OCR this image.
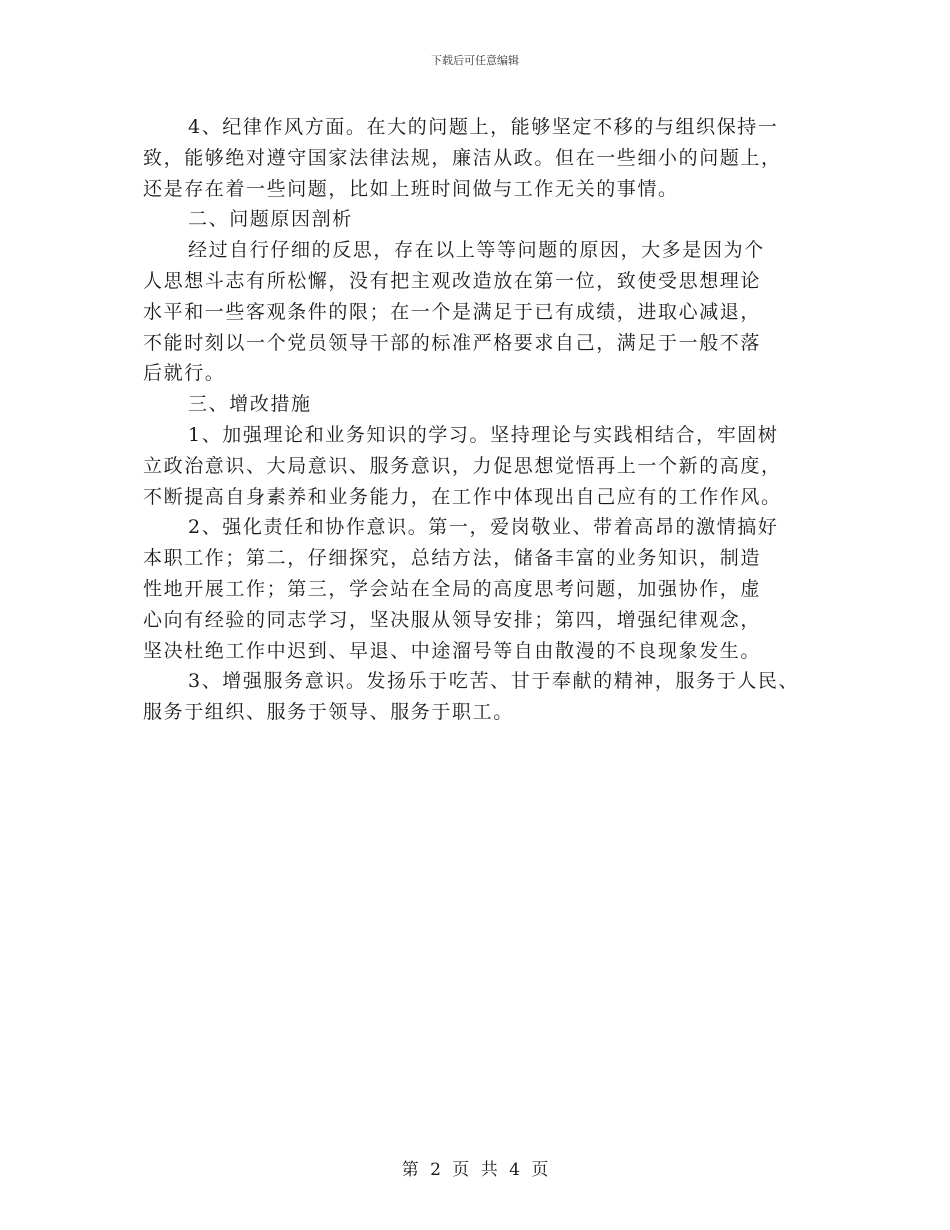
下载后可任意编辑
4、纪律作风方面。在大的问题上，能够坚定不移的与组织保持一
致，能够绝对遵守国家法律法规，廉洁从政。但在一些细小的问题上，
还是存在着一些问题，比如上班时间做与工作无关的事情。
二、问题原因剖析
经过自行仔细的反思，存在以上等等问题的原因，大多是因为个
人思想斗志有所松懈，没有把主观改造放在第一位，致使受思想理论
水平和一些客观条件的限；在一个是满足于已有成绩，进取心减退，
不能时刻以一个党员领导干部的标准严格要求自己，满足于一般不落
后就行。
三、增改措施
1、加强理论和业务知识的学习。坚持理论与实践相结合，牢固树
立政治意识、大局意识、服务意识，力促思想觉悟再上一个新的高度，
不断提高自身素养和业务能力，在工作中体现出自己应有的工作作风。
2、强化责任和协作意识。第一，爱岗敬业、带着高昂的激情搞好
本职工作；第二，仔细探究，总结方法，储备丰富的业务知识，制造
性地开展工作；第三，学会站在全局的高度思考问题，加强协作，虚
心向有经验的同志学习，坚决服从领导安排；第四，增强纪律观念，
坚决杜绝工作中迟到、早退、中途溜号等自由散漫的不良现象发生。
3、增强服务意识。发扬乐于吃苦、甘于奉献的精神，服务于人民、
服务于组织、服务于领导、服务于职工。
第 2 页 共 4 页
